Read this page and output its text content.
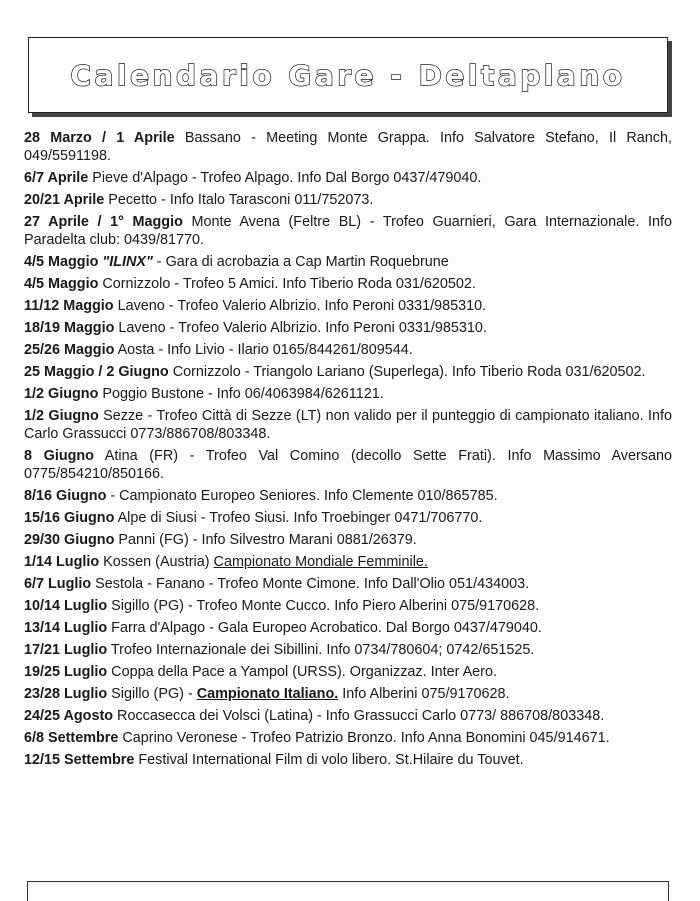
Calendario Gare - Deltaplano

28 Marzo / 1 Aprile Bassano - Meeting Monte Grappa. Info Salvatore Stefano, Il Ranch, 049/5591198.

6/7 Aprile Pieve d'Alpago - Trofeo Alpago. Info Dal Borgo 0437/479040.

20/21 Aprile Pecetto - Info Italo Tarasconi 011/752073.

27 Aprile / 1° Maggio Monte Avena (Feltre BL) - Trofeo Guarnieri, Gara Internazionale. Info Paradelta club: 0439/81770.

4/5 Maggio "ILINX" - Gara di acrobazia a Cap Martin Roquebrune

4/5 Maggio Cornizzolo - Trofeo 5 Amici. Info Tiberio Roda 031/620502.

11/12 Maggio Laveno - Trofeo Valerio Albrizio. Info Peroni 0331/985310.

18/19 Maggio Laveno - Trofeo Valerio Albrizio. Info Peroni 0331/985310.

25/26 Maggio Aosta - Info Livio - Ilario 0165/844261/809544.

25 Maggio / 2 Giugno Cornizzolo - Triangolo Lariano (Superlega). Info Tiberio Roda 031/620502.

1/2 Giugno Poggio Bustone - Info 06/4063984/6261121.

1/2 Giugno Sezze - Trofeo Città di Sezze (LT) non valido per il punteggio di campionato italiano. Info Carlo Grassucci 0773/886708/803348.

8 Giugno Atina (FR) - Trofeo Val Comino (decollo Sette Frati). Info Massimo Aversano 0775/854210/850166.

8/16 Giugno - Campionato Europeo Seniores. Info Clemente 010/865785.

15/16 Giugno Alpe di Siusi - Trofeo Siusi. Info Troebinger 0471/706770.

29/30 Giugno Panni (FG) - Info Silvestro Marani 0881/26379.

1/14 Luglio Kossen (Austria) Campionato Mondiale Femminile.

6/7 Luglio Sestola - Fanano - Trofeo Monte Cimone. Info Dall'Olio 051/434003.

10/14 Luglio Sigillo (PG) - Trofeo Monte Cucco. Info Piero Alberini 075/9170628.

13/14 Luglio Farra d'Alpago - Gala Europeo Acrobatico. Dal Borgo 0437/479040.

17/21 Luglio Trofeo Internazionale dei Sibillini. Info 0734/780604; 0742/651525.

19/25 Luglio Coppa della Pace a Yampol (URSS). Organizzaz. Inter Aero.

23/28 Luglio Sigillo (PG) - Campionato Italiano. Info Alberini 075/9170628.

24/25 Agosto Roccasecca dei Volsci (Latina) - Info Grassucci Carlo 0773/ 886708/803348.

6/8 Settembre Caprino Veronese - Trofeo Patrizio Bronzo. Info Anna Bonomini 045/914671.

12/15 Settembre Festival International Film di volo libero. St.Hilaire du Touvet.
